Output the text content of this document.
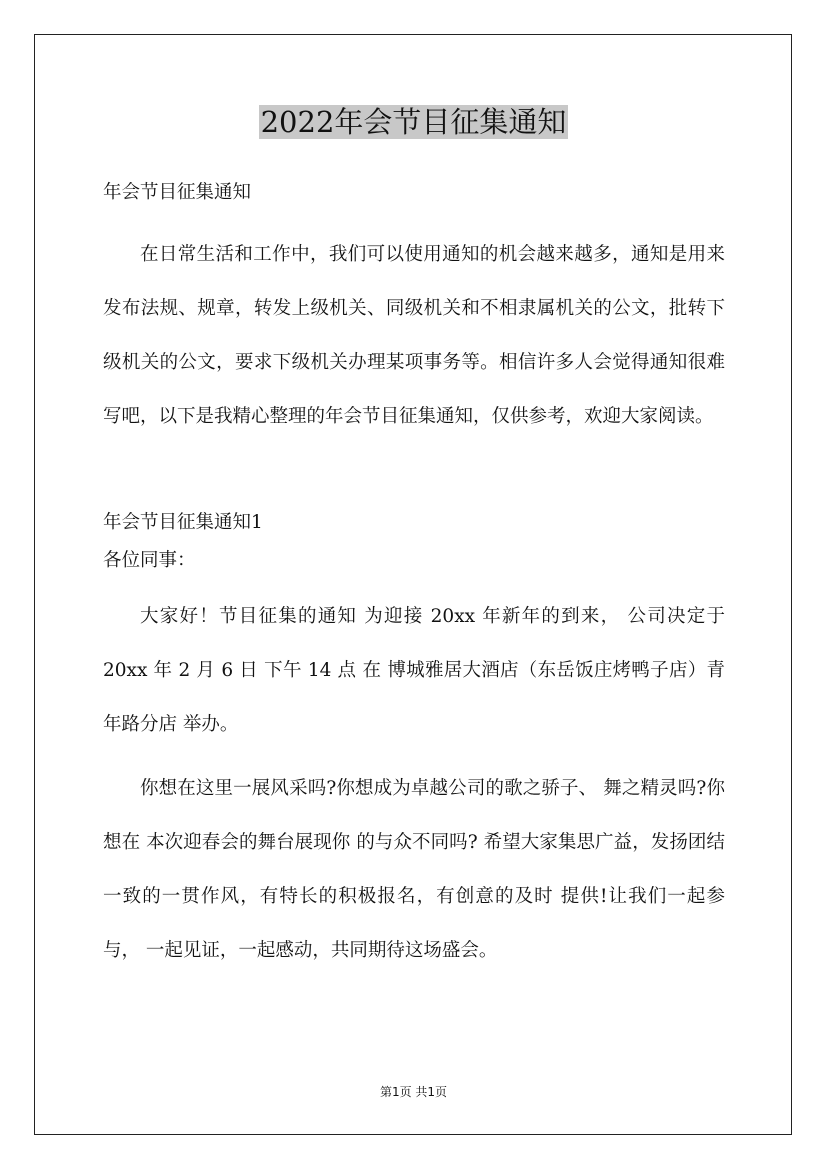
2022年会节目征集通知
年会节目征集通知

在日常生活和工作中，我们可以使用通知的机会越来越多，通知是用来发布法规、规章，转发上级机关、同级机关和不相隶属机关的公文，批转下级机关的公文，要求下级机关办理某项事务等。相信许多人会觉得通知很难写吧，以下是我精心整理的年会节目征集通知，仅供参考，欢迎大家阅读。

年会节目征集通知1
各位同事：

大家好！节目征集的通知 为迎接 20xx 年新年的到来， 公司决定于 20xx 年 2 月 6 日 下午 14 点 在 博城雅居大酒店（东岳饭庄烤鸭子店）青年路分店 举办。

你想在这里一展风采吗?你想成为卓越公司的歌之骄子、 舞之精灵吗?你 想在 本次迎春会的舞台展现你 的与众不同吗? 希望大家集思广益，发扬团结 一致的一贯作风，有特长的积极报名，有创意的及时 提供!让我们一起参与， 一起见证，一起感动，共同期待这场盛会。

第1页 共1页
